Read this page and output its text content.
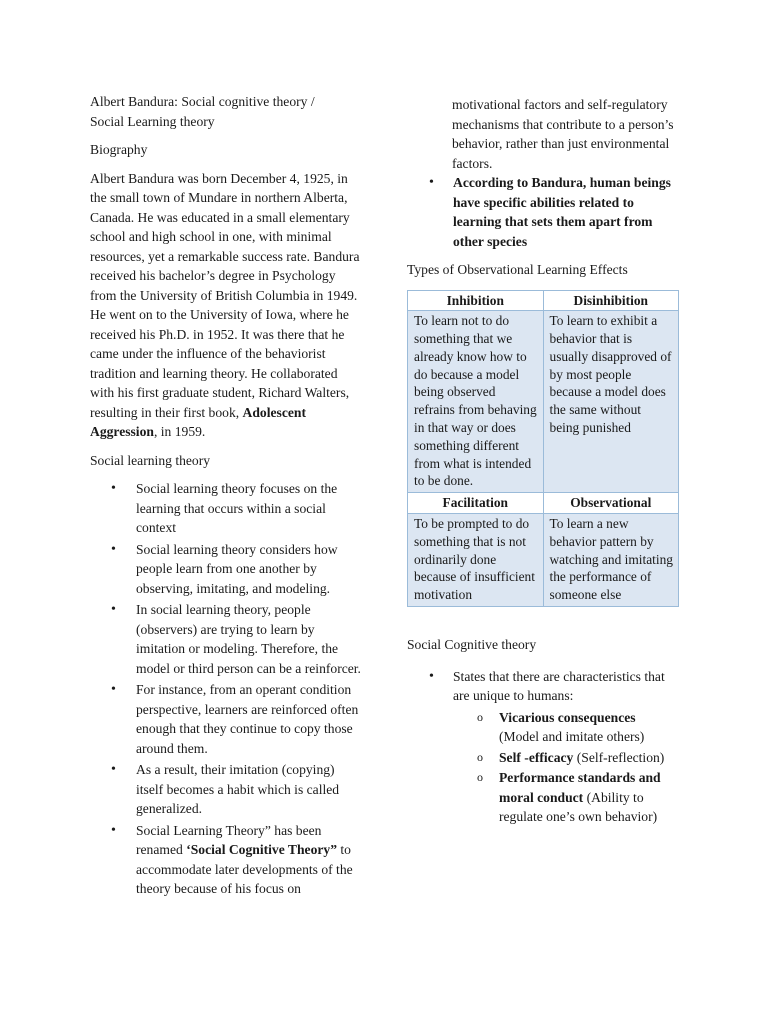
Albert Bandura: Social cognitive theory /
Social Learning theory

Biography

Albert Bandura was born December 4, 1925, in the small town of Mundare in northern Alberta, Canada. He was educated in a small elementary school and high school in one, with minimal resources, yet a remarkable success rate. Bandura received his bachelor’s degree in Psychology from the University of British Columbia in 1949. He went on to the University of Iowa, where he received his Ph.D. in 1952. It was there that he came under the influence of the behaviorist tradition and learning theory. He collaborated with his first graduate student, Richard Walters, resulting in their first book, Adolescent Aggression, in 1959.

Social learning theory

• Social learning theory focuses on the learning that occurs within a social context
• Social learning theory considers how people learn from one another by observing, imitating, and modeling.
• In social learning theory, people (observers) are trying to learn by imitation or modeling. Therefore, the model or third person can be a reinforcer.
• For instance, from an operant condition perspective, learners are reinforced often enough that they continue to copy those around them.
• As a result, their imitation (copying) itself becomes a habit which is called generalized.
• Social Learning Theory” has been renamed ‘Social Cognitive Theory” to accommodate later developments of the theory because of his focus on

motivational factors and self-regulatory mechanisms that contribute to a person’s behavior, rather than just environmental factors.

• According to Bandura, human beings have specific abilities related to learning that sets them apart from other species

Types of Observational Learning Effects

Inhibition	Disinhibition
To learn not to do something that we already know how to do because a model being observed refrains from behaving in that way or does something different from what is intended to be done.	To learn to exhibit a behavior that is usually disapproved of by most people because a model does the same without being punished
Facilitation	Observational
To be prompted to do something that is not ordinarily done because of insufficient motivation	To learn a new behavior pattern by watching and imitating the performance of someone else

Social Cognitive theory

• States that there are characteristics that are unique to humans:
o Vicarious consequences
(Model and imitate others)
o Self -efficacy (Self-reflection)
o Performance standards and moral conduct (Ability to regulate one’s own behavior)
